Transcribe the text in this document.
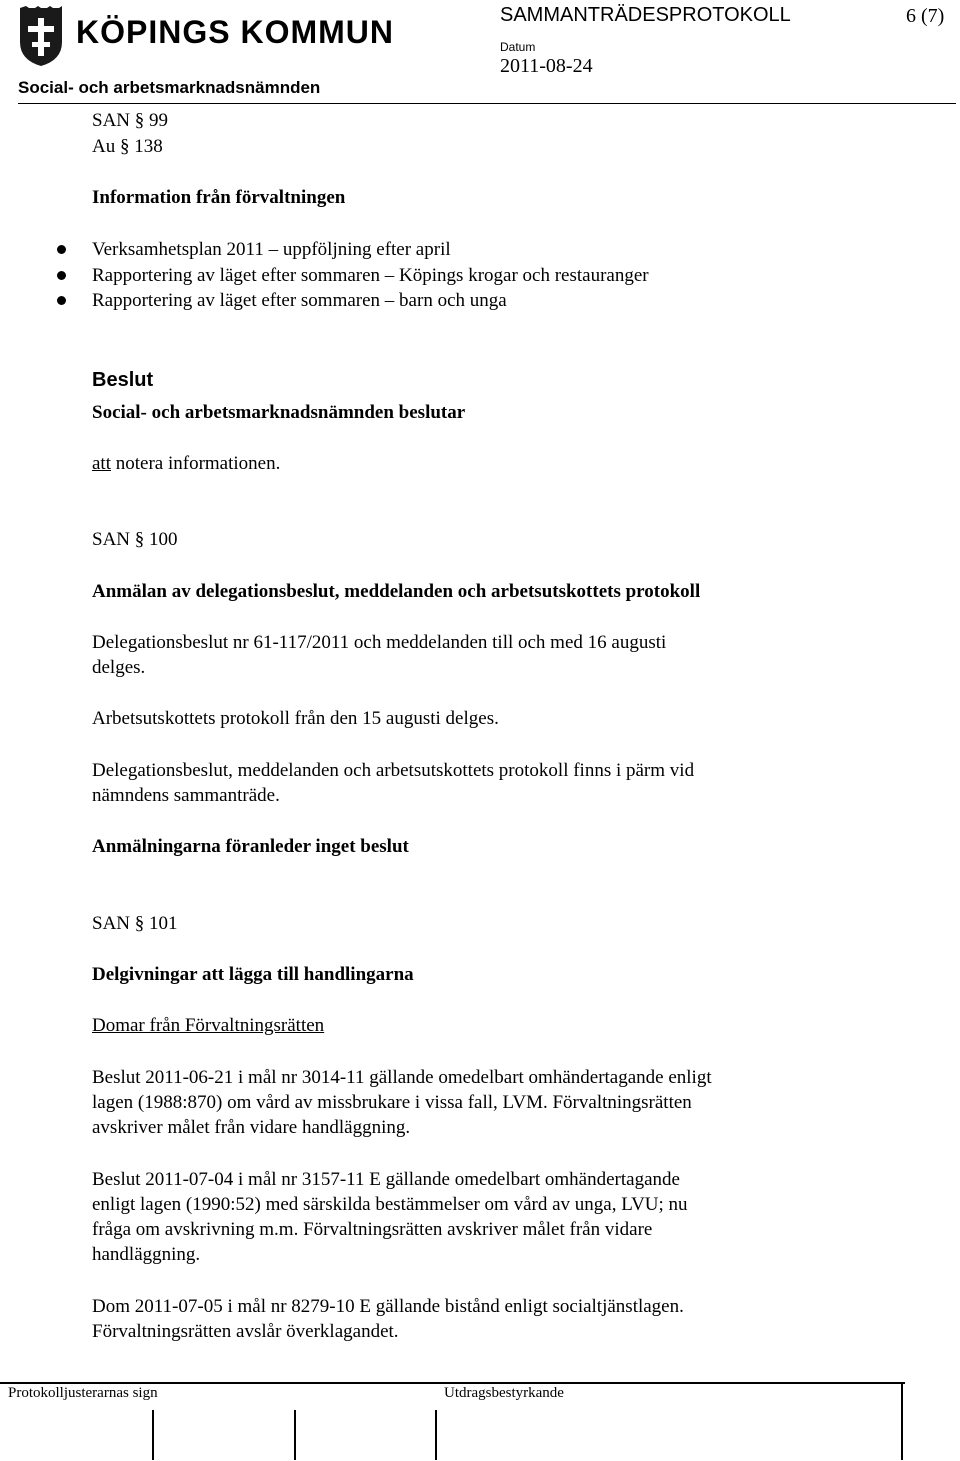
KÖPINGS KOMMUN
Social- och arbetsmarknadsnämnden
SAMMANTRÄDESPROTOKOLL	6 (7)
Datum
2011-08-24
SAN § 99
Au § 138
Information från förvaltningen
Verksamhetsplan 2011 – uppföljning efter april
Rapportering av läget efter sommaren – Köpings krogar och restauranger
Rapportering av läget efter sommaren – barn och unga
Beslut
Social- och arbetsmarknadsnämnden beslutar
att notera informationen.
SAN § 100
Anmälan av delegationsbeslut, meddelanden och arbetsutskottets protokoll
Delegationsbeslut nr 61-117/2011 och meddelanden till och med 16 augusti
delges.
Arbetsutskottets protokoll från den 15 augusti delges.
Delegationsbeslut, meddelanden och arbetsutskottets protokoll finns i pärm vid
nämndens sammanträde.
Anmälningarna föranleder inget beslut
SAN § 101
Delgivningar att lägga till handlingarna
Domar från Förvaltningsrätten
Beslut 2011-06-21 i mål nr 3014-11 gällande omedelbart omhändertagande enligt
lagen (1988:870) om vård av missbrukare i vissa fall, LVM. Förvaltningsrätten
avskriver målet från vidare handläggning.
Beslut 2011-07-04 i mål nr 3157-11 E gällande omedelbart omhändertagande
enligt lagen (1990:52) med särskilda bestämmelser om vård av unga, LVU; nu
fråga om avskrivning m.m. Förvaltningsrätten avskriver målet från vidare
handläggning.
Dom 2011-07-05 i mål nr 8279-10 E gällande bistånd enligt socialtjänstlagen.
Förvaltningsrätten avslår överklagandet.
Protokolljusterarnas sign	Utdragsbestyrkande
